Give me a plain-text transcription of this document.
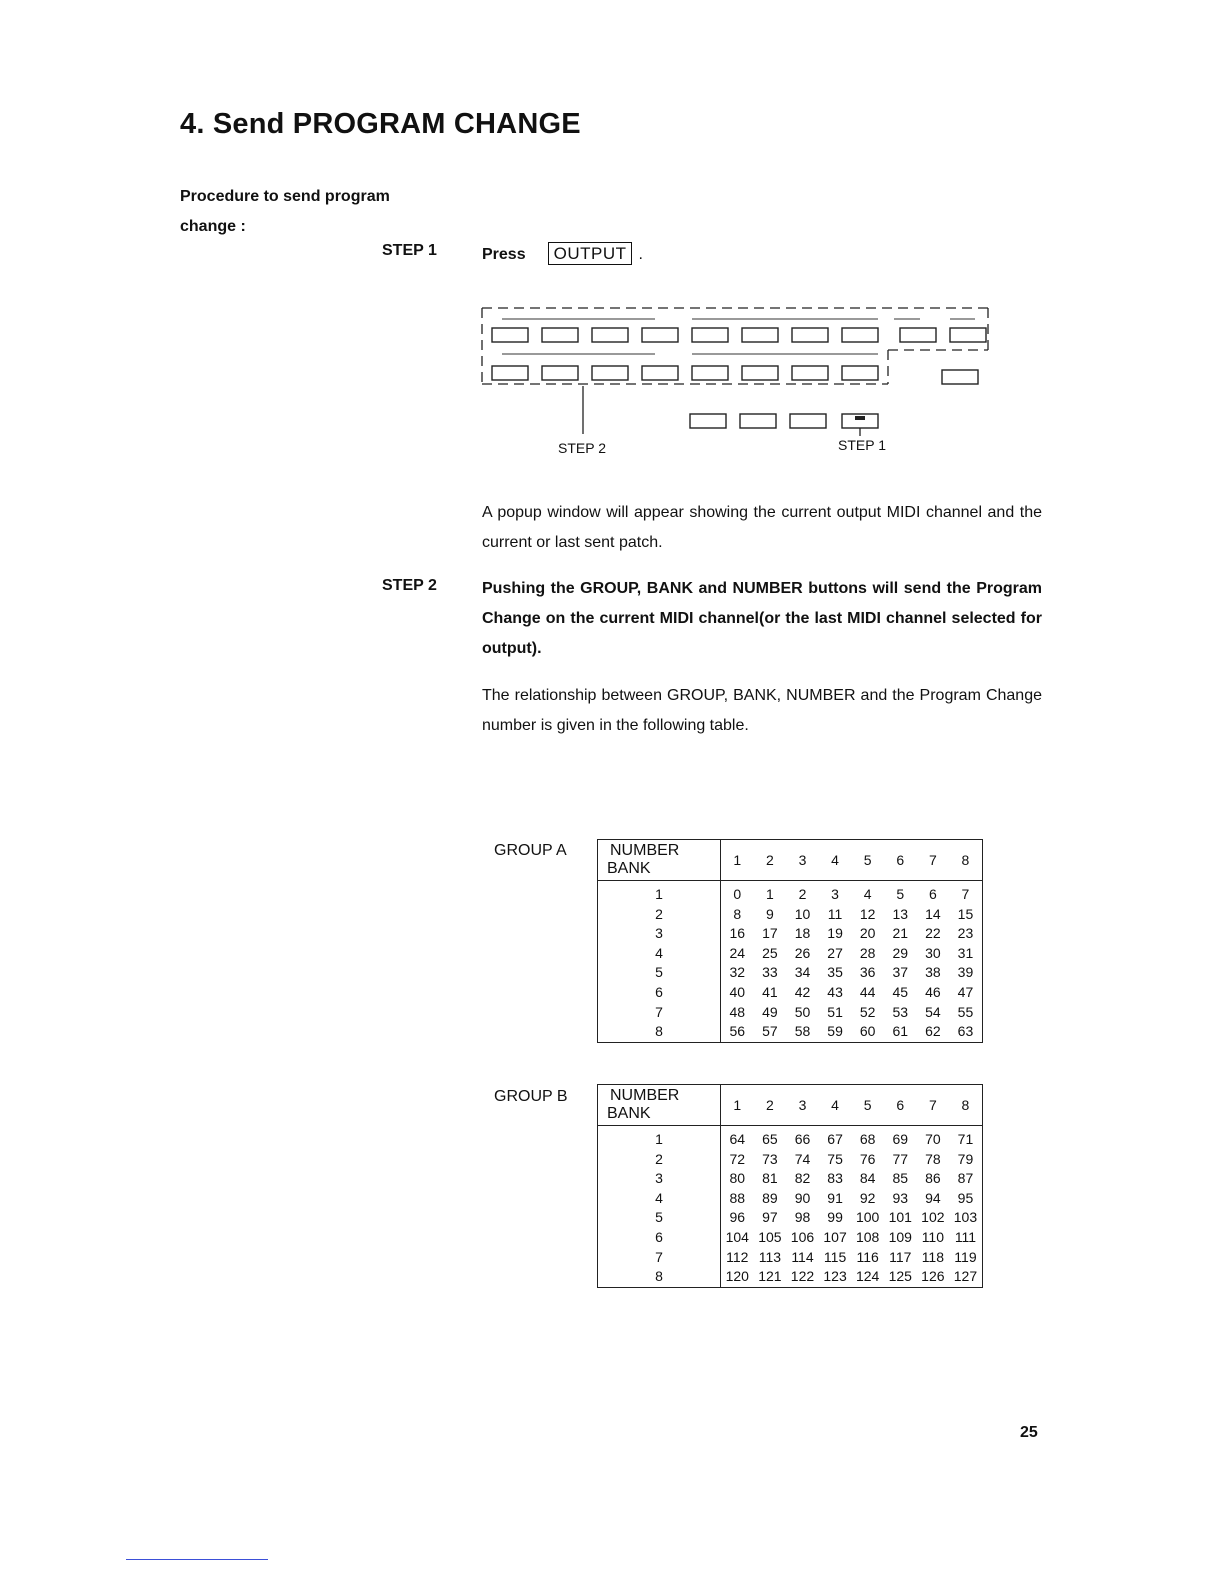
4. Send PROGRAM CHANGE
Procedure to send program
change :
STEP 1	Press OUTPUT .
STEP 2	STEP 1
A popup window will appear showing the current output MIDI channel and the current or last sent patch.
STEP 2	Pushing the GROUP, BANK and NUMBER buttons will send the Program Change on the current MIDI channel(or the last MIDI channel selected for output).
The relationship between GROUP, BANK, NUMBER and the Program Change number is given in the following table.
GROUP A	NUMBER
BANK	1	2	3	4	5	6	7	8
1	0	1	2	3	4	5	6	7
2	8	9	10	11	12	13	14	15
3	16	17	18	19	20	21	22	23
4	24	25	26	27	28	29	30	31
5	32	33	34	35	36	37	38	39
6	40	41	42	43	44	45	46	47
7	48	49	50	51	52	53	54	55
8	56	57	58	59	60	61	62	63
GROUP B	NUMBER
BANK	1	2	3	4	5	6	7	8
1	64	65	66	67	68	69	70	71
2	72	73	74	75	76	77	78	79
3	80	81	82	83	84	85	86	87
4	88	89	90	91	92	93	94	95
5	96	97	98	99	100	101	102	103
6	104	105	106	107	108	109	110	111
7	112	113	114	115	116	117	118	119
8	120	121	122	123	124	125	126	127
25
